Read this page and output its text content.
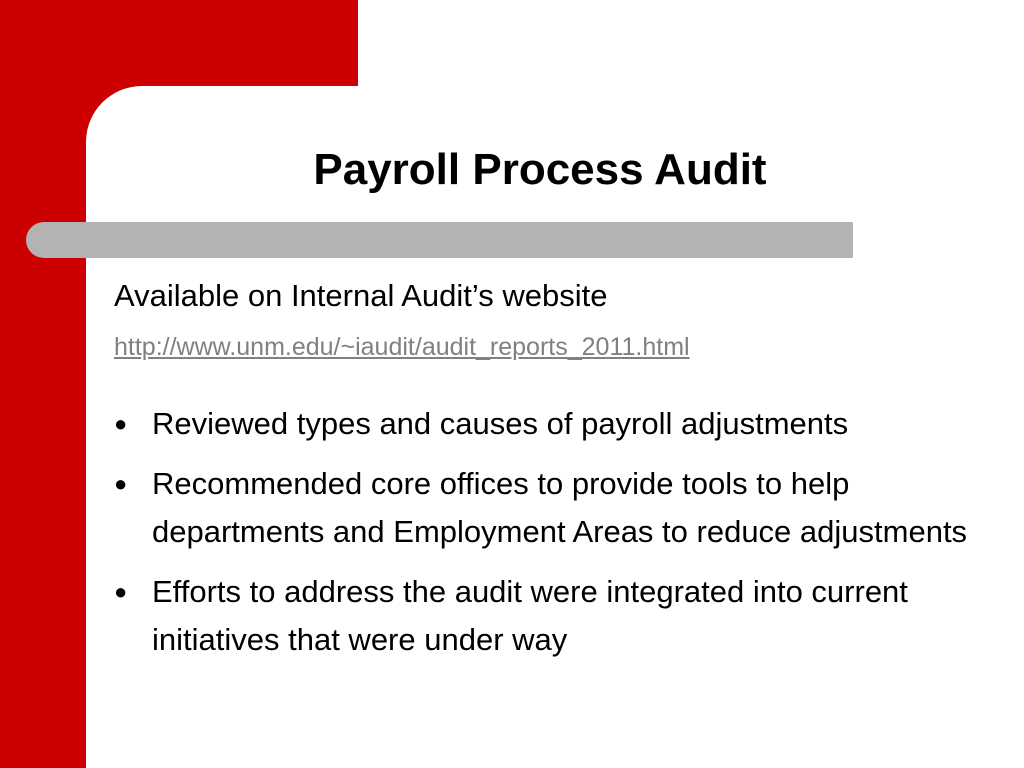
Payroll Process Audit

Available on Internal Audit’s website

http://www.unm.edu/~iaudit/audit_reports_2011.html
● Reviewed types and causes of payroll adjustments
● Recommended core offices to provide tools to help departments and Employment Areas to reduce adjustments
● Efforts to address the audit were integrated into current initiatives that were under way
